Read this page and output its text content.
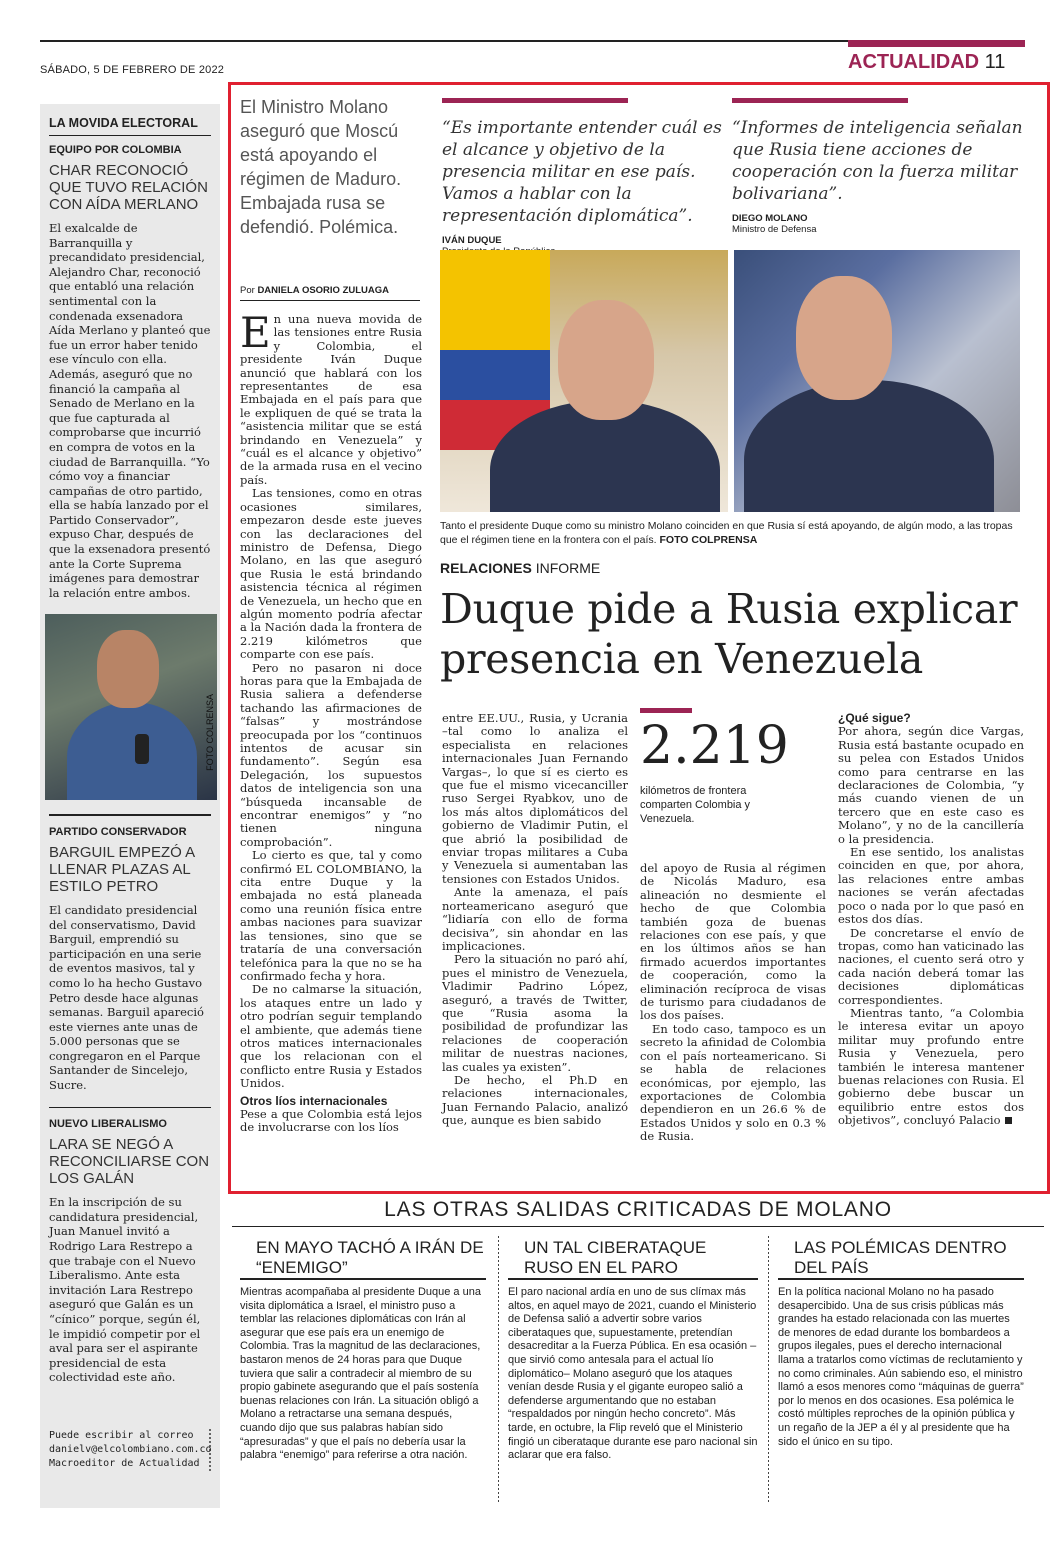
SÁBADO, 5 DE FEBRERO DE 2022	ACTUALIDAD 11
LA MOVIDA ELECTORAL
EQUIPO POR COLOMBIA
CHAR RECONOCIÓ QUE TUVO RELACIÓN CON AÍDA MERLANO
El exalcalde de Barranquilla y precandidato presidencial, Alejandro Char, reconoció que entabló una relación sentimental con la condenada exsenadora Aída Merlano y planteó que fue un error haber tenido ese vínculo con ella. Además, aseguró que no financió la campaña al Senado de Merlano en la que fue capturada al comprobarse que incurrió en compra de votos en la ciudad de Barranquilla. “Yo cómo voy a financiar campañas de otro partido, ella se había lanzado por el Partido Conservador”, expuso Char, después de que la exsenadora presentó ante la Corte Suprema imágenes para demostrar la relación entre ambos.
FOTO COLRENSA
PARTIDO CONSERVADOR
BARGUIL EMPEZÓ A LLENAR PLAZAS AL ESTILO PETRO
El candidato presidencial del conservatismo, David Barguil, emprendió su participación en una serie de eventos masivos, tal y como lo ha hecho Gustavo Petro desde hace algunas semanas. Barguil apareció este viernes ante unas de 5.000 personas que se congregaron en el Parque Santander de Sincelejo, Sucre.
NUEVO LIBERALISMO
LARA SE NEGÓ A RECONCILIARSE CON LOS GALÁN
En la inscripción de su candidatura presidencial, Juan Manuel invitó a Rodrigo Lara Restrepo a que trabaje con el Nuevo Liberalismo. Ante esta invitación Lara Restrepo aseguró que Galán es un “cínico” porque, según él, le impidió competir por el aval para ser el aspirante presidencial de esta colectividad este año.
Puede escribir al correo
danielv@elcolombiano.com.co
Macroeditor de Actualidad
El Ministro Molano aseguró que Moscú está apoyando el régimen de Maduro. Embajada rusa se defendió. Polémica.
Por DANIELA OSORIO ZULUAGA
“Es importante entender cuál es el alcance y objetivo de la presencia militar en ese país. Vamos a hablar con la representación diplomática”.
IVÁN DUQUE
“Informes de inteligencia señalan que Rusia tiene acciones de cooperación con la fuerza militar bolivariana”.
DIEGO MOLANO
Ministro de Defensa
Tanto el presidente Duque como su ministro Molano coinciden en que Rusia sí está apoyando, de algún modo, a las tropas que el régimen tiene en la frontera con el país. FOTO COLPRENSA
RELACIONES INFORME
Duque pide a Rusia explicar presencia en Venezuela

En una nueva movida de las tensiones entre Rusia y Colombia, el presidente Iván Duque anunció que hablará con los representantes de esa Embajada en el país para que le expliquen de qué se trata la “asistencia militar que se está brindando en Venezuela” y “cuál es el alcance y objetivo” de la armada rusa en el vecino país.

Las tensiones, como en otras ocasiones similares, empezaron desde este jueves con las declaraciones del ministro de Defensa, Diego Molano, en las que aseguró que Rusia le está brindando asistencia técnica al régimen de Venezuela, un hecho que en algún momento podría afectar a la Nación dada la frontera de 2.219 kilómetros que comparte con ese país.

Pero no pasaron ni doce horas para que la Embajada de Rusia saliera a defenderse tachando las afirmaciones de “falsas” y mostrándose preocupada por los “continuos intentos de acusar sin fundamento”. Según esa Delegación, los supuestos datos de inteligencia son una “búsqueda incansable de encontrar enemigos” y “no tienen ninguna comprobación”.

Lo cierto es que, tal y como confirmó EL COLOMBIANO, la cita entre Duque y la embajada no está planeada como una reunión física entre ambas naciones para suavizar las tensiones, sino que se trataría de una conversación telefónica para la que no se ha confirmado fecha y hora.

De no calmarse la situación, los ataques entre un lado y otro podrían seguir templando el ambiente, que además tiene otros matices internacionales que los relacionan con el conflicto entre Rusia y Estados Unidos.

Otros líos internacionales

Pese a que Colombia está lejos de involucrarse con los líos

entre EE.UU., Rusia, y Ucrania –tal como lo analiza el especialista en relaciones internacionales Juan Fernando Vargas–, lo que sí es cierto es que fue el mismo vicecanciller ruso Sergei Ryabkov, uno de los más altos diplomáticos del gobierno de Vladimir Putin, el que abrió la posibilidad de enviar tropas militares a Cuba y Venezuela si aumentaban las tensiones con Estados Unidos.

Ante la amenaza, el país norteamericano aseguró que “lidiaría con ello de forma decisiva”, sin ahondar en las implicaciones.

Pero la situación no paró ahí, pues el ministro de Venezuela, Vladimir Padrino López, aseguró, a través de Twitter, que “Rusia asoma la posibilidad de profundizar las relaciones de cooperación militar de nuestras naciones, las cuales ya existen”.

De hecho, el Ph.D en relaciones internacionales, Juan Fernando Palacio, analizó que, aunque es bien sabido

2.219
kilómetros de frontera comparten Colombia y Venezuela.

del apoyo de Rusia al régimen de Nicolás Maduro, esa alineación no desmiente el hecho de que Colombia también goza de buenas relaciones con ese país, y que en los últimos años se han firmado acuerdos importantes de cooperación, como la eliminación recíproca de visas de turismo para ciudadanos de los dos países.

En todo caso, tampoco es un secreto la afinidad de Colombia con el país norteamericano. Si se habla de relaciones económicas, por ejemplo, las exportaciones de Colombia dependieron en un 26.6 % de Estados Unidos y solo en 0.3 % de Rusia.

¿Qué sigue?

Por ahora, según dice Vargas, Rusia está bastante ocupado en su pelea con Estados Unidos como para centrarse en las declaraciones de Colombia, “y más cuando vienen de un tercero que en este caso es Molano”, y no de la cancillería o la presidencia.

En ese sentido, los analistas coinciden en que, por ahora, las relaciones entre ambas naciones se verán afectadas poco o nada por lo que pasó en estos dos días.

De concretarse el envío de tropas, como han vaticinado las naciones, el cuento será otro y cada nación deberá tomar las decisiones diplomáticas correspondientes.

Mientras tanto, “a Colombia le interesa evitar un apoyo militar muy profundo entre Rusia y Venezuela, pero también le interesa mantener buenas relaciones con Rusia. El gobierno debe buscar un equilibrio entre estos dos objetivos”, concluyó Palacio

LAS OTRAS SALIDAS CRITICADAS DE MOLANO
EN MAYO TACHÓ A IRÁN DE “ENEMIGO”
Mientras acompañaba al presidente Duque a una visita diplomática a Israel, el ministro puso a temblar las relaciones diplomáticas con Irán al asegurar que ese país era un enemigo de Colombia. Tras la magnitud de las declaraciones, bastaron menos de 24 horas para que Duque tuviera que salir a contradecir al miembro de su propio gabinete asegurando que el país sostenía buenas relaciones con Irán. La situación obligó a Molano a retractarse una semana después, cuando dijo que sus palabras habían sido “apresuradas” y que el país no debería usar la palabra “enemigo” para referirse a otra nación.
UN TAL CIBERATAQUE RUSO EN EL PARO
El paro nacional ardía en uno de sus clímax más altos, en aquel mayo de 2021, cuando el Ministerio de Defensa salió a advertir sobre varios ciberataques que, supuestamente, pretendían desacreditar a la Fuerza Pública. En esa ocasión –que sirvió como antesala para el actual lío diplomático– Molano aseguró que los ataques venían desde Rusia y el gigante europeo salió a defenderse argumentando que no estaban “respaldados por ningún hecho concreto”. Más tarde, en octubre, la Flip reveló que el Ministerio fingió un ciberataque durante ese paro nacional sin aclarar que era falso.
LAS POLÉMICAS DENTRO DEL PAÍS
En la política nacional Molano no ha pasado desapercibido. Una de sus crisis públicas más grandes ha estado relacionada con las muertes de menores de edad durante los bombardeos a grupos ilegales, pues el derecho internacional llama a tratarlos como víctimas de reclutamiento y no como criminales. Aún sabiendo eso, el ministro llamó a esos menores como “máquinas de guerra” por lo menos en dos ocasiones. Esa polémica le costó múltiples reproches de la opinión pública y un regaño de la JEP a él y al presidente que ha sido el único en su tipo.
